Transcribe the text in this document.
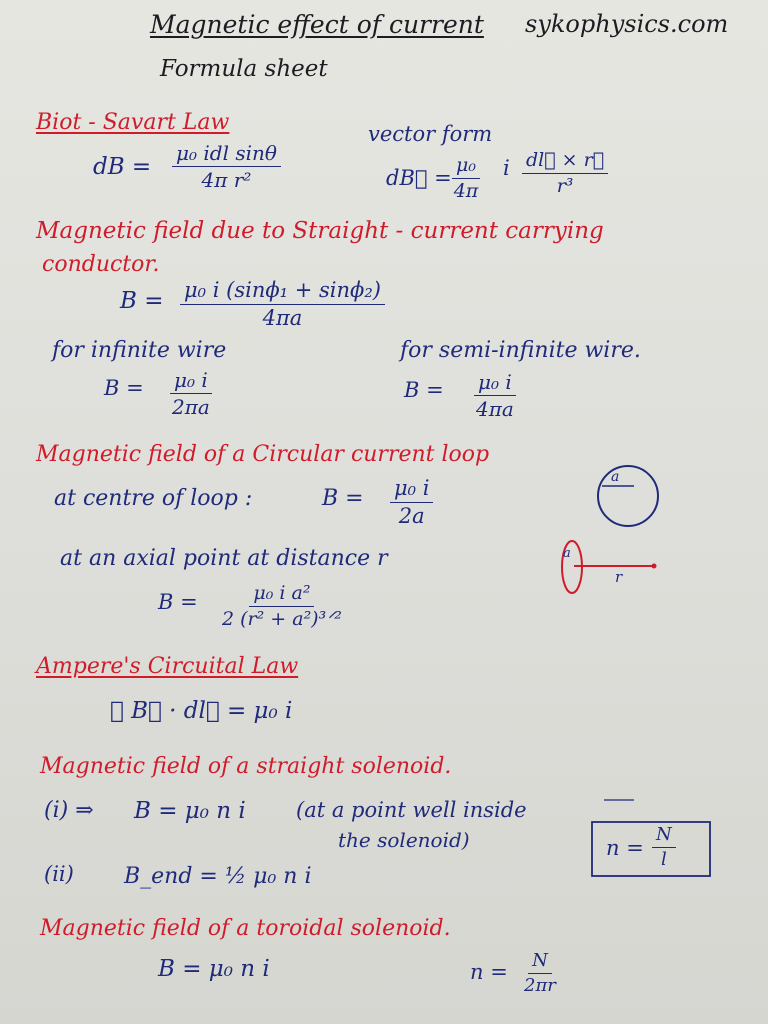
Magnetic effect of current sykophysics.com
Formula sheet
Biot - Savart Law	vector form
dB =
μ₀ idl sinθ
4π r²	dB⃗ = $\frac{\text{μ₀}}{4\pi}$ i $\frac{dl⃗ \times r⃗}{\text{r³}}$
Magnetic field due to Straight - current carrying
conductor.
$B = \frac{\text{μ₀ i (sinϕ₁ + sinϕ₂)}}{4\pi a}$
for infinite wire	for semi-infinite wire.
$B = \frac{\text{μ₀ i}}{2\pi a}$	$B = \frac{\text{μ₀ i}}{4\pi a}$
Magnetic field of a Circular current loop
at centre of loop :	$B = \frac{\text{μ₀ i}}{2a}$
at an axial point at distance r
B =	μ₀ i a²
2 (r² + a²)³ᐟ²
a
a
r
Ampere's Circuital Law
∮ B⃗ · dl⃗ = μ₀ i
Magnetic field of a straight solenoid.
(i) ⇒ B = μ₀ n i (at a point well inside
the solenoid)
(ii) B_end = ½ μ₀ n i
$n = \frac{N}{l}$
Magnetic field of a toroidal solenoid.
B = μ₀ n i	$n = \frac{N}{2\pi r}$
